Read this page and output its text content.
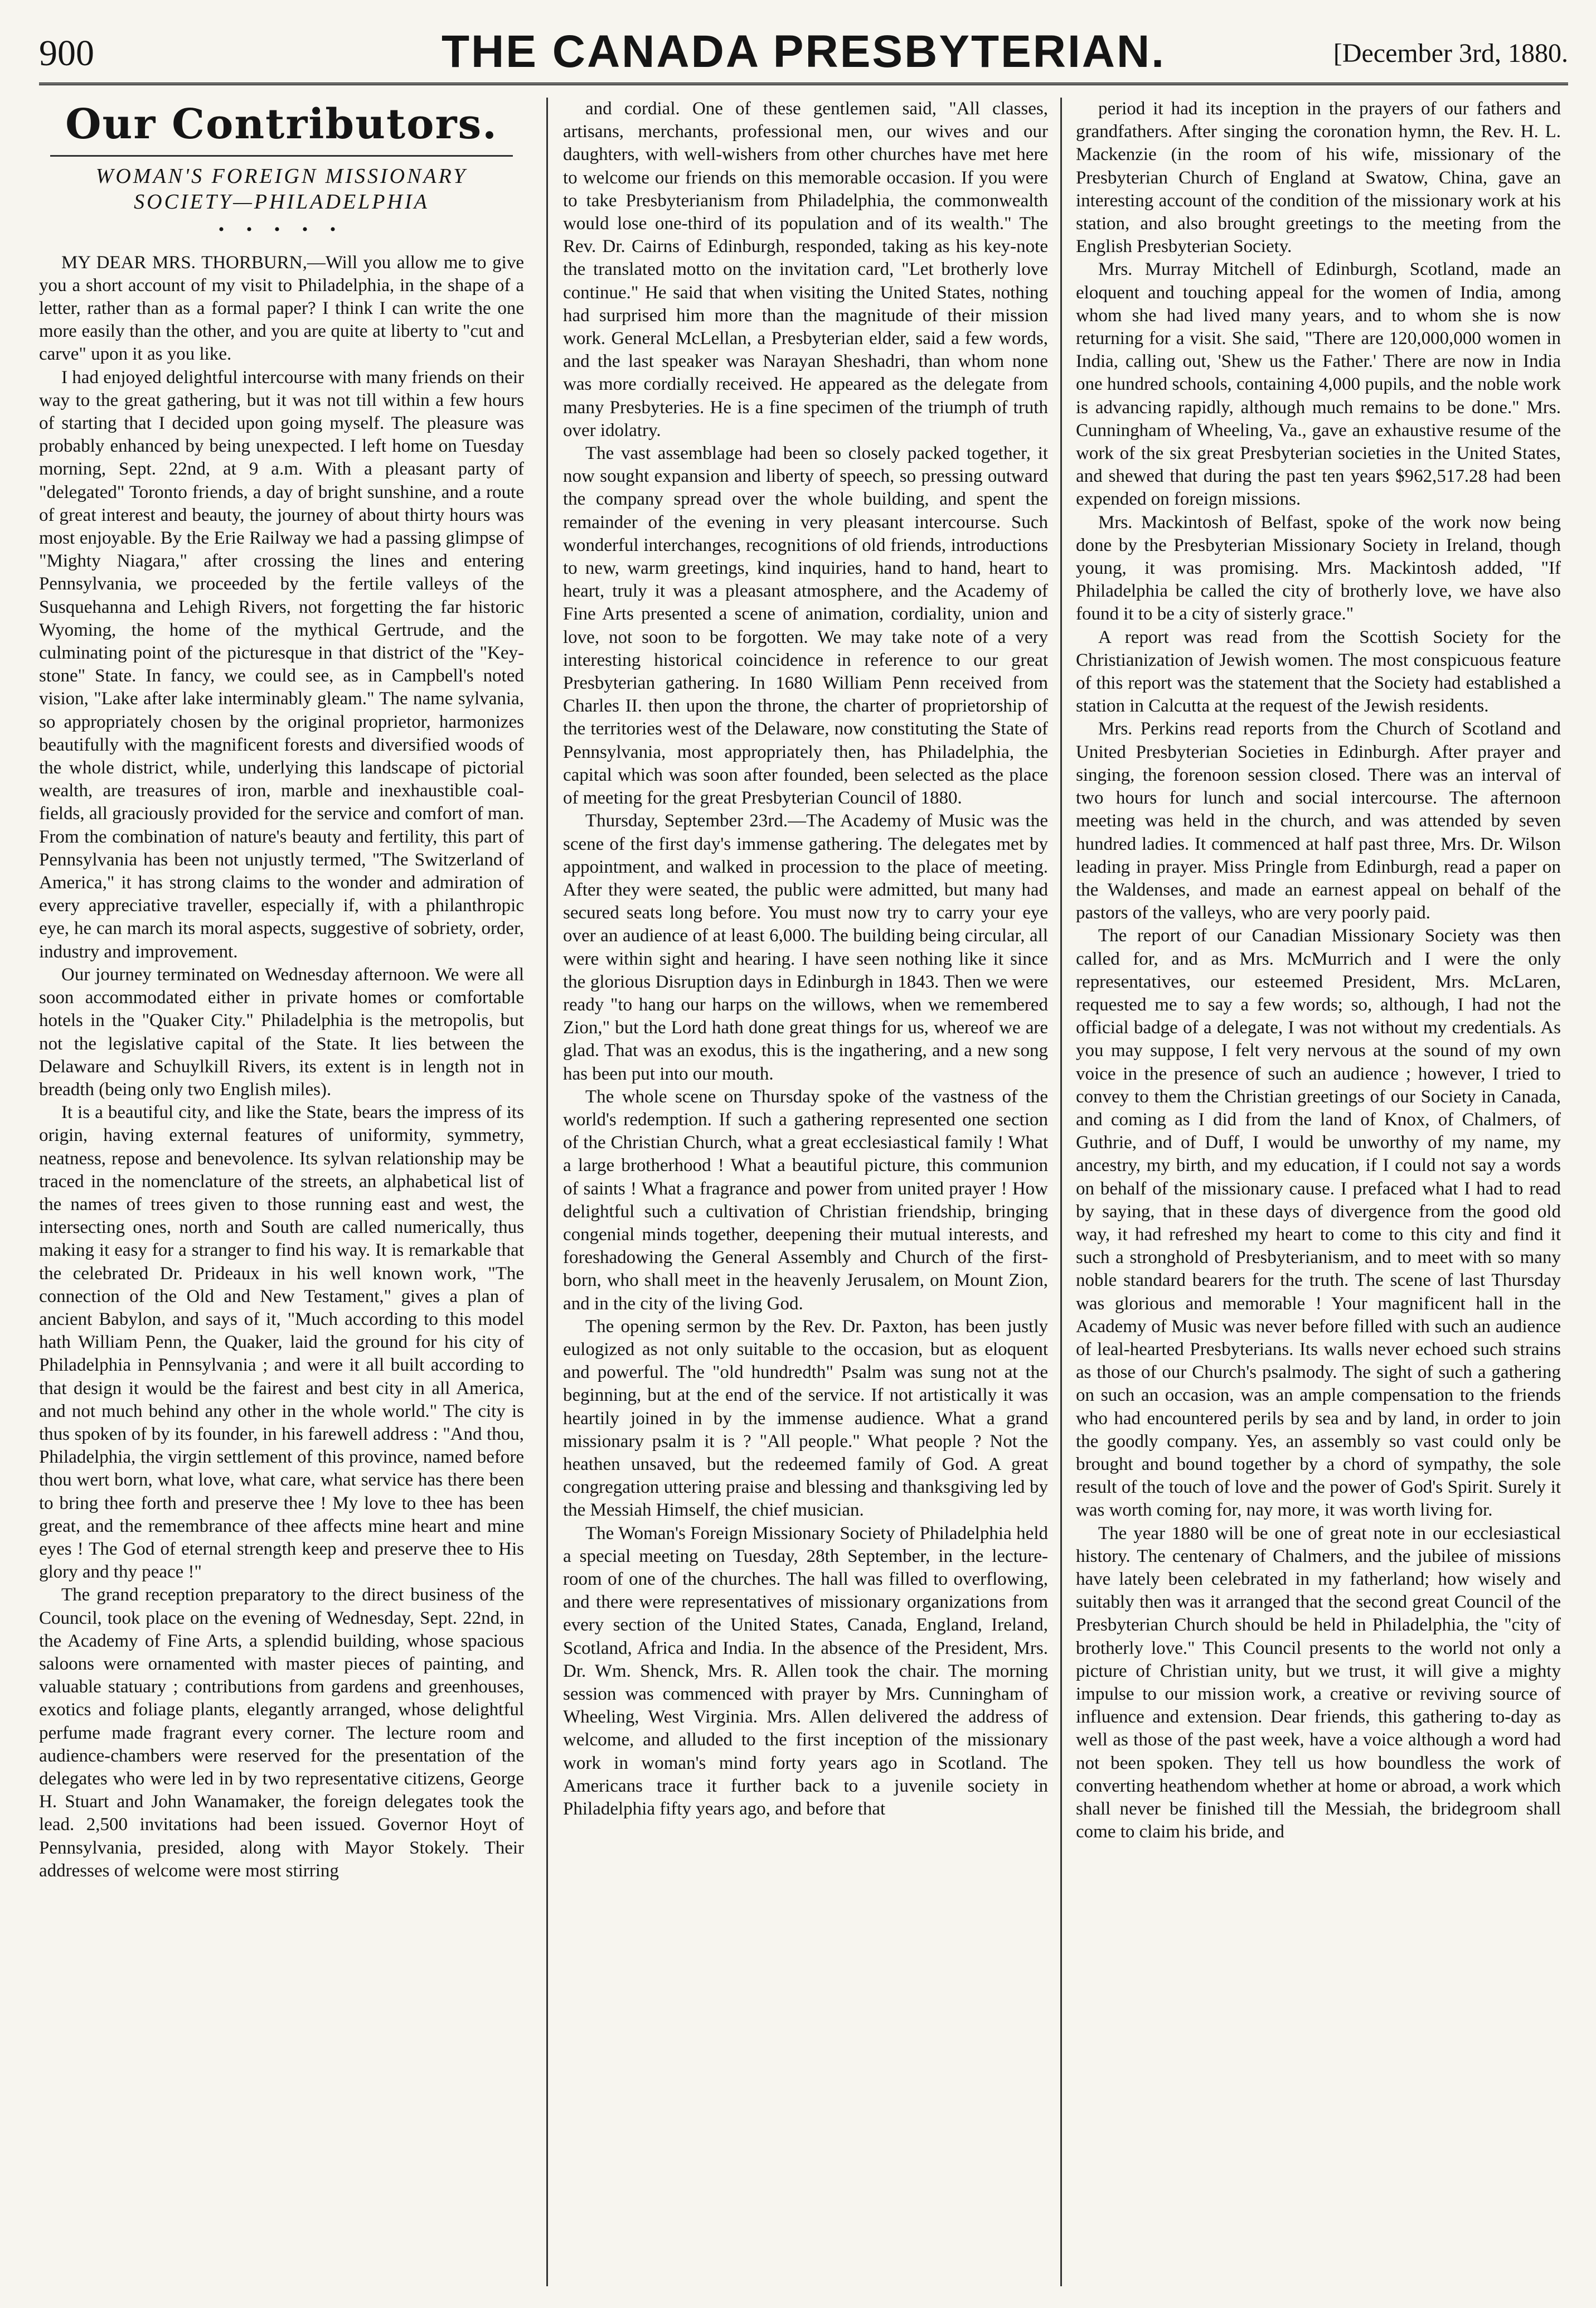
900	THE CANADA PRESBYTERIAN.	[December 3rd, 1880.
Our Contributors.
WOMAN'S FOREIGN MISSIONARY SOCIETY—PHILADELPHIA
• • • • •

MY DEAR MRS. THORBURN,—Will you allow me to give you a short account of my visit to Philadelphia, in the shape of a letter, rather than as a formal paper? I think I can write the one more easily than the other, and you are quite at liberty to "cut and carve" upon it as you like.

I had enjoyed delightful intercourse with many friends on their way to the great gathering, but it was not till within a few hours of starting that I decided upon going myself. The pleasure was probably enhanced by being unexpected. I left home on Tuesday morning, Sept. 22nd, at 9 a.m. With a pleasant party of "delegated" Toronto friends, a day of bright sunshine, and a route of great interest and beauty, the journey of about thirty hours was most enjoyable. By the Erie Railway we had a passing glimpse of "Mighty Niagara," after crossing the lines and entering Pennsylvania, we proceeded by the fertile valleys of the Susquehanna and Lehigh Rivers, not forgetting the far historic Wyoming, the home of the mythical Gertrude, and the culminating point of the picturesque in that district of the "Key-stone" State. In fancy, we could see, as in Campbell's noted vision, "Lake after lake interminably gleam." The name sylvania, so appropriately chosen by the original proprietor, harmonizes beautifully with the magnificent forests and diversified woods of the whole district, while, underlying this landscape of pictorial wealth, are treasures of iron, marble and inexhaustible coal-fields, all graciously provided for the service and comfort of man. From the combination of nature's beauty and fertility, this part of Pennsylvania has been not unjustly termed, "The Switzerland of America," it has strong claims to the wonder and admiration of every appreciative traveller, especially if, with a philanthropic eye, he can march its moral aspects, suggestive of sobriety, order, industry and improvement.

Our journey terminated on Wednesday afternoon. We were all soon accommodated either in private homes or comfortable hotels in the "Quaker City." Philadelphia is the metropolis, but not the legislative capital of the State. It lies between the Delaware and Schuylkill Rivers, its extent is in length not in breadth (being only two English miles).

It is a beautiful city, and like the State, bears the impress of its origin, having external features of uniformity, symmetry, neatness, repose and benevolence. Its sylvan relationship may be traced in the nomenclature of the streets, an alphabetical list of the names of trees given to those running east and west, the intersecting ones, north and South are called numerically, thus making it easy for a stranger to find his way. It is remarkable that the celebrated Dr. Prideaux in his well known work, "The connection of the Old and New Testament," gives a plan of ancient Babylon, and says of it, "Much according to this model hath William Penn, the Quaker, laid the ground for his city of Philadelphia in Pennsylvania ; and were it all built according to that design it would be the fairest and best city in all America, and not much behind any other in the whole world." The city is thus spoken of by its founder, in his farewell address : "And thou, Philadelphia, the virgin settlement of this province, named before thou wert born, what love, what care, what service has there been to bring thee forth and preserve thee ! My love to thee has been great, and the remembrance of thee affects mine heart and mine eyes ! The God of eternal strength keep and preserve thee to His glory and thy peace !"

The grand reception preparatory to the direct business of the Council, took place on the evening of Wednesday, Sept. 22nd, in the Academy of Fine Arts, a splendid building, whose spacious saloons were ornamented with master pieces of painting, and valuable statuary ; contributions from gardens and greenhouses, exotics and foliage plants, elegantly arranged, whose delightful perfume made fragrant every corner. The lecture room and audience-chambers were reserved for the presentation of the delegates who were led in by two representative citizens, George H. Stuart and John Wanamaker, the foreign delegates took the lead. 2,500 invitations had been issued. Governor Hoyt of Pennsylvania, presided, along with Mayor Stokely. Their addresses of welcome were most stirring

and cordial. One of these gentlemen said, "All classes, artisans, merchants, professional men, our wives and our daughters, with well-wishers from other churches have met here to welcome our friends on this memorable occasion. If you were to take Presbyterianism from Philadelphia, the commonwealth would lose one-third of its population and of its wealth." The Rev. Dr. Cairns of Edinburgh, responded, taking as his key-note the translated motto on the invitation card, "Let brotherly love continue." He said that when visiting the United States, nothing had surprised him more than the magnitude of their mission work. General McLellan, a Presbyterian elder, said a few words, and the last speaker was Narayan Sheshadri, than whom none was more cordially received. He appeared as the delegate from many Presbyteries. He is a fine specimen of the triumph of truth over idolatry.

The vast assemblage had been so closely packed together, it now sought expansion and liberty of speech, so pressing outward the company spread over the whole building, and spent the remainder of the evening in very pleasant intercourse. Such wonderful interchanges, recognitions of old friends, introductions to new, warm greetings, kind inquiries, hand to hand, heart to heart, truly it was a pleasant atmosphere, and the Academy of Fine Arts presented a scene of animation, cordiality, union and love, not soon to be forgotten. We may take note of a very interesting historical coincidence in reference to our great Presbyterian gathering. In 1680 William Penn received from Charles II. then upon the throne, the charter of proprietorship of the territories west of the Delaware, now constituting the State of Pennsylvania, most appropriately then, has Philadelphia, the capital which was soon after founded, been selected as the place of meeting for the great Presbyterian Council of 1880.

Thursday, September 23rd.—The Academy of Music was the scene of the first day's immense gathering. The delegates met by appointment, and walked in procession to the place of meeting. After they were seated, the public were admitted, but many had secured seats long before. You must now try to carry your eye over an audience of at least 6,000. The building being circular, all were within sight and hearing. I have seen nothing like it since the glorious Disruption days in Edinburgh in 1843. Then we were ready "to hang our harps on the willows, when we remembered Zion," but the Lord hath done great things for us, whereof we are glad. That was an exodus, this is the ingathering, and a new song has been put into our mouth.

The whole scene on Thursday spoke of the vastness of the world's redemption. If such a gathering represented one section of the Christian Church, what a great ecclesiastical family ! What a large brotherhood ! What a beautiful picture, this communion of saints ! What a fragrance and power from united prayer ! How delightful such a cultivation of Christian friendship, bringing congenial minds together, deepening their mutual interests, and foreshadowing the General Assembly and Church of the first-born, who shall meet in the heavenly Jerusalem, on Mount Zion, and in the city of the living God.

The opening sermon by the Rev. Dr. Paxton, has been justly eulogized as not only suitable to the occasion, but as eloquent and powerful. The "old hundredth" Psalm was sung not at the beginning, but at the end of the service. If not artistically it was heartily joined in by the immense audience. What a grand missionary psalm it is ? "All people." What people ? Not the heathen unsaved, but the redeemed family of God. A great congregation uttering praise and blessing and thanksgiving led by the Messiah Himself, the chief musician.

The Woman's Foreign Missionary Society of Philadelphia held a special meeting on Tuesday, 28th September, in the lecture-room of one of the churches. The hall was filled to overflowing, and there were representatives of missionary organizations from every section of the United States, Canada, England, Ireland, Scotland, Africa and India. In the absence of the President, Mrs. Dr. Wm. Shenck, Mrs. R. Allen took the chair. The morning session was commenced with prayer by Mrs. Cunningham of Wheeling, West Virginia. Mrs. Allen delivered the address of welcome, and alluded to the first inception of the missionary work in woman's mind forty years ago in Scotland. The Americans trace it further back to a juvenile society in Philadelphia fifty years ago, and before that

period it had its inception in the prayers of our fathers and grandfathers. After singing the coronation hymn, the Rev. H. L. Mackenzie (in the room of his wife, missionary of the Presbyterian Church of England at Swatow, China, gave an interesting account of the condition of the missionary work at his station, and also brought greetings to the meeting from the English Presbyterian Society.

Mrs. Murray Mitchell of Edinburgh, Scotland, made an eloquent and touching appeal for the women of India, among whom she had lived many years, and to whom she is now returning for a visit. She said, "There are 120,000,000 women in India, calling out, 'Shew us the Father.' There are now in India one hundred schools, containing 4,000 pupils, and the noble work is advancing rapidly, although much remains to be done." Mrs. Cunningham of Wheeling, Va., gave an exhaustive resume of the work of the six great Presbyterian societies in the United States, and shewed that during the past ten years $962,517.28 had been expended on foreign missions.

Mrs. Mackintosh of Belfast, spoke of the work now being done by the Presbyterian Missionary Society in Ireland, though young, it was promising. Mrs. Mackintosh added, "If Philadelphia be called the city of brotherly love, we have also found it to be a city of sisterly grace."

A report was read from the Scottish Society for the Christianization of Jewish women. The most conspicuous feature of this report was the statement that the Society had established a station in Calcutta at the request of the Jewish residents.

Mrs. Perkins read reports from the Church of Scotland and United Presbyterian Societies in Edinburgh. After prayer and singing, the forenoon session closed. There was an interval of two hours for lunch and social intercourse. The afternoon meeting was held in the church, and was attended by seven hundred ladies. It commenced at half past three, Mrs. Dr. Wilson leading in prayer. Miss Pringle from Edinburgh, read a paper on the Waldenses, and made an earnest appeal on behalf of the pastors of the valleys, who are very poorly paid.

The report of our Canadian Missionary Society was then called for, and as Mrs. McMurrich and I were the only representatives, our esteemed President, Mrs. McLaren, requested me to say a few words; so, although, I had not the official badge of a delegate, I was not without my credentials. As you may suppose, I felt very nervous at the sound of my own voice in the presence of such an audience ; however, I tried to convey to them the Christian greetings of our Society in Canada, and coming as I did from the land of Knox, of Chalmers, of Guthrie, and of Duff, I would be unworthy of my name, my ancestry, my birth, and my education, if I could not say a words on behalf of the missionary cause. I prefaced what I had to read by saying, that in these days of divergence from the good old way, it had refreshed my heart to come to this city and find it such a stronghold of Presbyterianism, and to meet with so many noble standard bearers for the truth. The scene of last Thursday was glorious and memorable ! Your magnificent hall in the Academy of Music was never before filled with such an audience of leal-hearted Presbyterians. Its walls never echoed such strains as those of our Church's psalmody. The sight of such a gathering on such an occasion, was an ample compensation to the friends who had encountered perils by sea and by land, in order to join the goodly company. Yes, an assembly so vast could only be brought and bound together by a chord of sympathy, the sole result of the touch of love and the power of God's Spirit. Surely it was worth coming for, nay more, it was worth living for.

The year 1880 will be one of great note in our ecclesiastical history. The centenary of Chalmers, and the jubilee of missions have lately been celebrated in my fatherland; how wisely and suitably then was it arranged that the second great Council of the Presbyterian Church should be held in Philadelphia, the "city of brotherly love." This Council presents to the world not only a picture of Christian unity, but we trust, it will give a mighty impulse to our mission work, a creative or reviving source of influence and extension. Dear friends, this gathering to-day as well as those of the past week, have a voice although a word had not been spoken. They tell us how boundless the work of converting heathendom whether at home or abroad, a work which shall never be finished till the Messiah, the bridegroom shall come to claim his bride, and
